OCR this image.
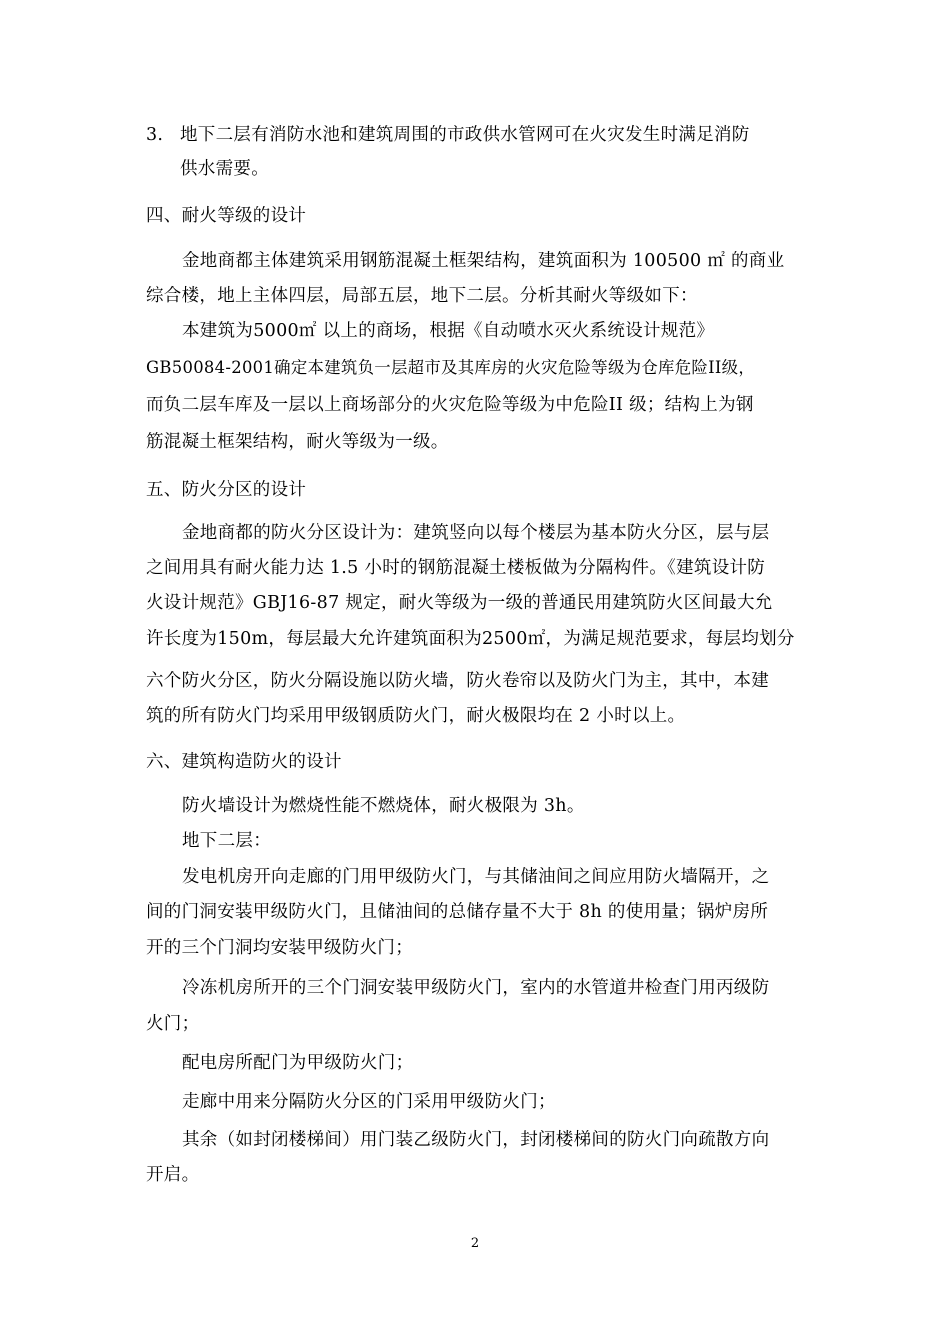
3. 地下二层有消防水池和建筑周围的市政供水管网可在火灾发生时满足消防
供水需要。
四、耐火等级的设计
金地商都主体建筑采用钢筋混凝土框架结构，建筑面积为 100500 ㎡ 的商业
综合楼，地上主体四层，局部五层，地下二层。分析其耐火等级如下：
本建筑为5000㎡ 以上的商场，根据《自动喷水灭火系统设计规范》
GB50084-2001确定本建筑负一层超市及其库房的火灾危险等级为仓库危险II级，
而负二层车库及一层以上商场部分的火灾危险等级为中危险II 级；结构上为钢
筋混凝土框架结构，耐火等级为一级。
五、防火分区的设计
金地商都的防火分区设计为：建筑竖向以每个楼层为基本防火分区，层与层
之间用具有耐火能力达 1.5 小时的钢筋混凝土楼板做为分隔构件。《建筑设计防
火设计规范》GBJ16-87 规定，耐火等级为一级的普通民用建筑防火区间最大允
许长度为150m，每层最大允许建筑面积为2500㎡，为满足规范要求，每层均划分
六个防火分区，防火分隔设施以防火墙，防火卷帘以及防火门为主，其中，本建
筑的所有防火门均采用甲级钢质防火门，耐火极限均在 2 小时以上。
六、建筑构造防火的设计
防火墙设计为燃烧性能不燃烧体，耐火极限为 3h。
地下二层：
发电机房开向走廊的门用甲级防火门，与其储油间之间应用防火墙隔开，之
间的门洞安装甲级防火门，且储油间的总储存量不大于 8h 的使用量；锅炉房所
开的三个门洞均安装甲级防火门；
冷冻机房所开的三个门洞安装甲级防火门，室内的水管道井检查门用丙级防
火门；
配电房所配门为甲级防火门；
走廊中用来分隔防火分区的门采用甲级防火门；
其余（如封闭楼梯间）用门装乙级防火门，封闭楼梯间的防火门向疏散方向
开启。
2
